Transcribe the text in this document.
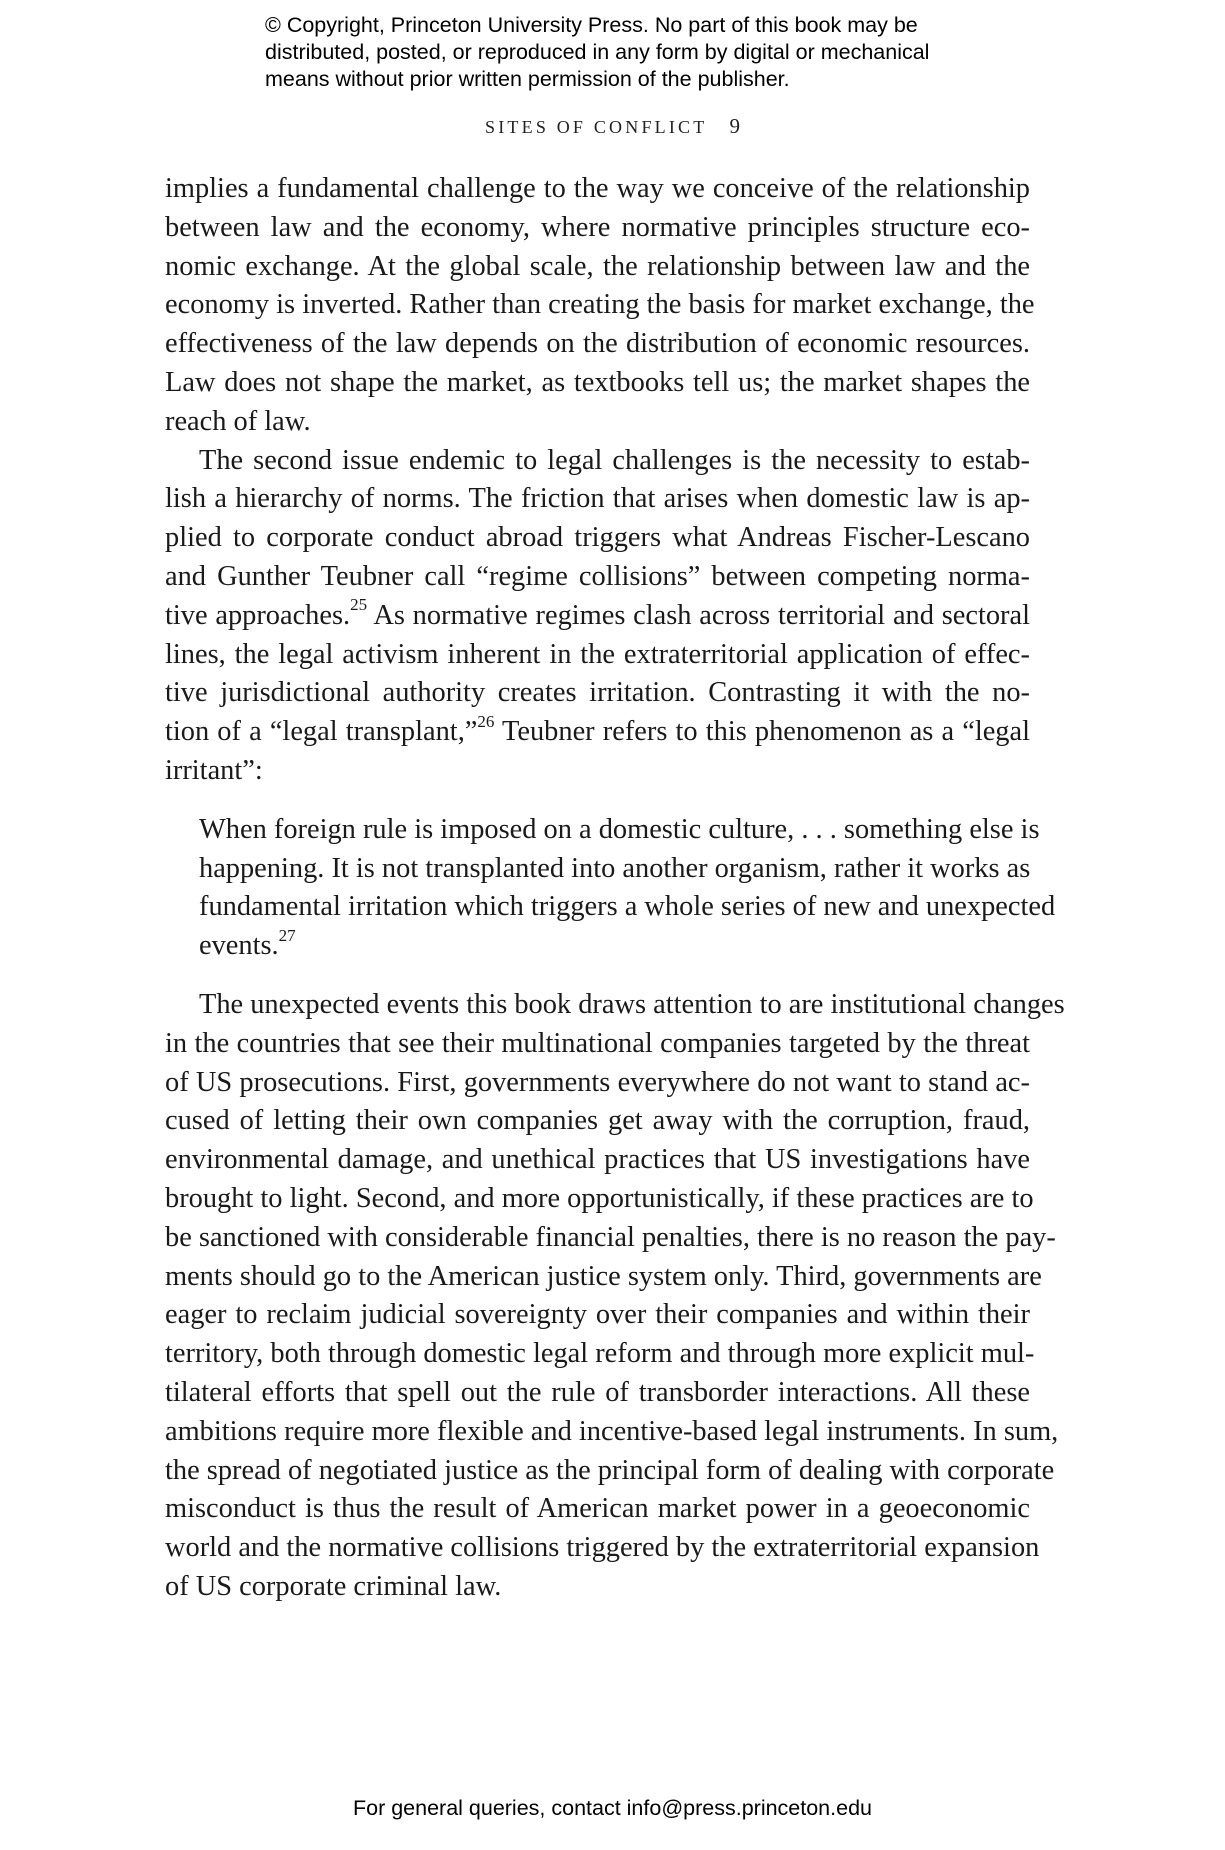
© Copyright, Princeton University Press. No part of this book may be
distributed, posted, or reproduced in any form by digital or mechanical
means without prior written permission of the publisher.
SITES OF CONFLICT 9

implies a fundamental challenge to the way we conceive of the relationship
between law and the economy, where normative principles structure eco-
nomic exchange. At the global scale, the relationship between law and the
economy is inverted. Rather than creating the basis for market exchange, the
effectiveness of the law depends on the distribution of economic resources.
Law does not shape the market, as textbooks tell us; the market shapes the
reach of law.

The second issue endemic to legal challenges is the necessity to estab-
lish a hierarchy of norms. The friction that arises when domestic law is ap-
plied to corporate conduct abroad triggers what Andreas Fischer-Lescano
and Gunther Teubner call “regime collisions” between competing norma-
tive approaches.$^{25}$ As normative regimes clash across territorial and sectoral
lines, the legal activism inherent in the extraterritorial application of effec-
tive jurisdictional authority creates irritation. Contrasting it with the no-
tion of a “legal transplant,”$^{26}$ Teubner refers to this phenomenon as a “legal
irritant”:

When foreign rule is imposed on a domestic culture, . . . something else is
happening. It is not transplanted into another organism, rather it works as
fundamental irritation which triggers a whole series of new and unexpected
events.$^{27}$

The unexpected events this book draws attention to are institutional changes
in the countries that see their multinational companies targeted by the threat
of US prosecutions. First, governments everywhere do not want to stand ac-
cused of letting their own companies get away with the corruption, fraud,
environmental damage, and unethical practices that US investigations have
brought to light. Second, and more opportunistically, if these practices are to
be sanctioned with considerable financial penalties, there is no reason the pay-
ments should go to the American justice system only. Third, governments are
eager to reclaim judicial sovereignty over their companies and within their
territory, both through domestic legal reform and through more explicit mul-
tilateral efforts that spell out the rule of transborder interactions. All these
ambitions require more flexible and incentive-based legal instruments. In sum,
the spread of negotiated justice as the principal form of dealing with corporate
misconduct is thus the result of American market power in a geoeconomic
world and the normative collisions triggered by the extraterritorial expansion
of US corporate criminal law.

For general queries, contact info@press.princeton.edu
